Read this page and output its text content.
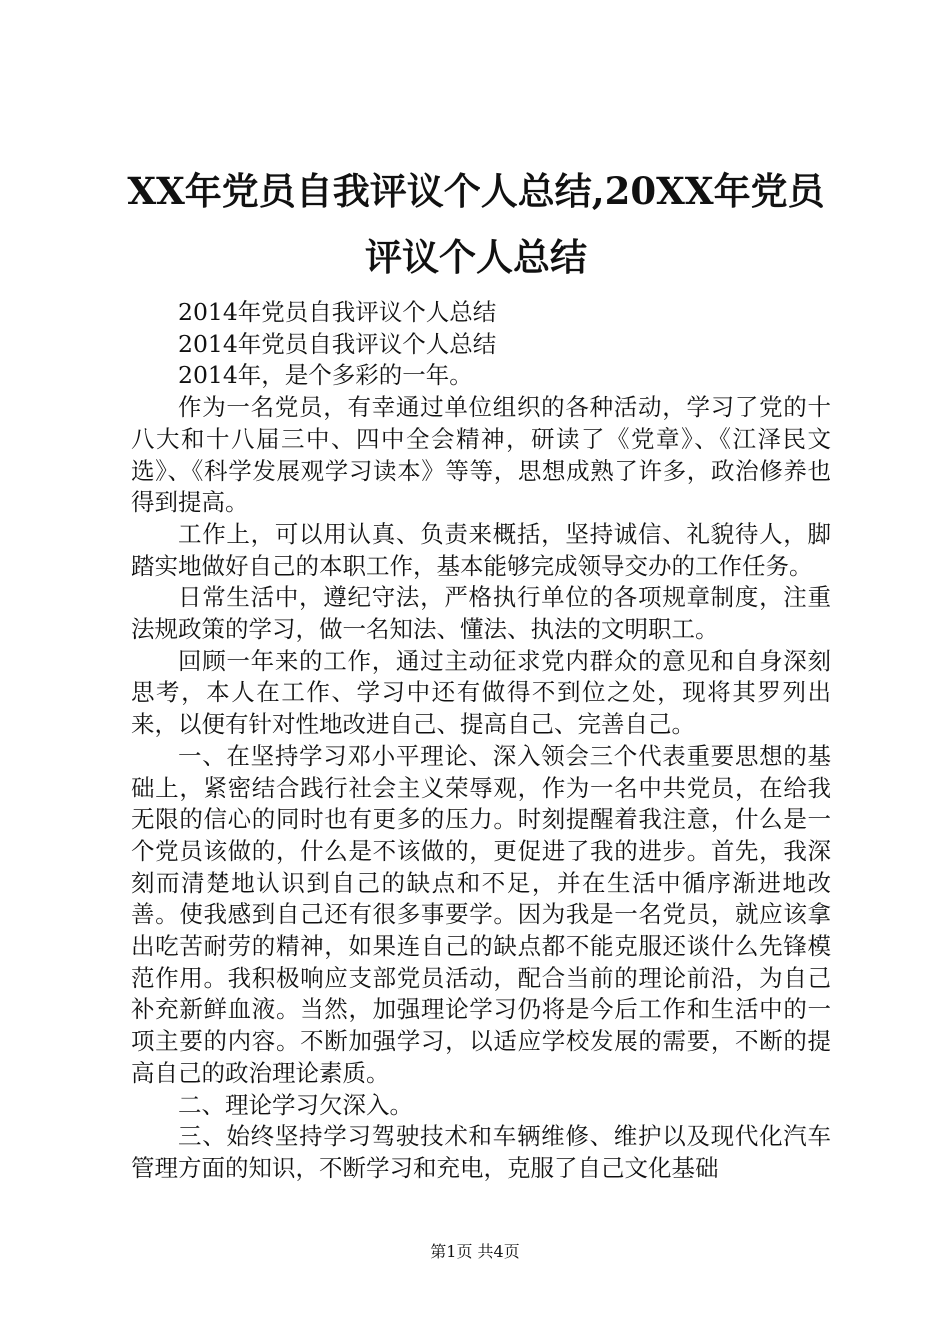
XX年党员自我评议个人总结,20XX年党员评议个人总结

2014年党员自我评议个人总结

2014年党员自我评议个人总结

2014年，是个多彩的一年。

作为一名党员，有幸通过单位组织的各种活动，学习了党的十八大和十八届三中、四中全会精神，研读了《党章》、《江泽民文选》、《科学发展观学习读本》等等，思想成熟了许多，政治修养也得到提高。

工作上，可以用认真、负责来概括，坚持诚信、礼貌待人，脚踏实地做好自己的本职工作，基本能够完成领导交办的工作任务。

日常生活中，遵纪守法，严格执行单位的各项规章制度，注重法规政策的学习，做一名知法、懂法、执法的文明职工。

回顾一年来的工作，通过主动征求党内群众的意见和自身深刻思考，本人在工作、学习中还有做得不到位之处，现将其罗列出来，以便有针对性地改进自己、提高自己、完善自己。

一、在坚持学习邓小平理论、深入领会三个代表重要思想的基础上，紧密结合践行社会主义荣辱观，作为一名中共党员，在给我无限的信心的同时也有更多的压力。时刻提醒着我注意，什么是一个党员该做的，什么是不该做的，更促进了我的进步。首先，我深刻而清楚地认识到自己的缺点和不足，并在生活中循序渐进地改善。使我感到自己还有很多事要学。因为我是一名党员，就应该拿出吃苦耐劳的精神，如果连自己的缺点都不能克服还谈什么先锋模范作用。我积极响应支部党员活动，配合当前的理论前沿，为自己补充新鲜血液。当然，加强理论学习仍将是今后工作和生活中的一项主要的内容。不断加强学习，以适应学校发展的需要，不断的提高自己的政治理论素质。

二、理论学习欠深入。

三、始终坚持学习驾驶技术和车辆维修、维护以及现代化汽车管理方面的知识，不断学习和充电，克服了自己文化基础

第1页 共4页
